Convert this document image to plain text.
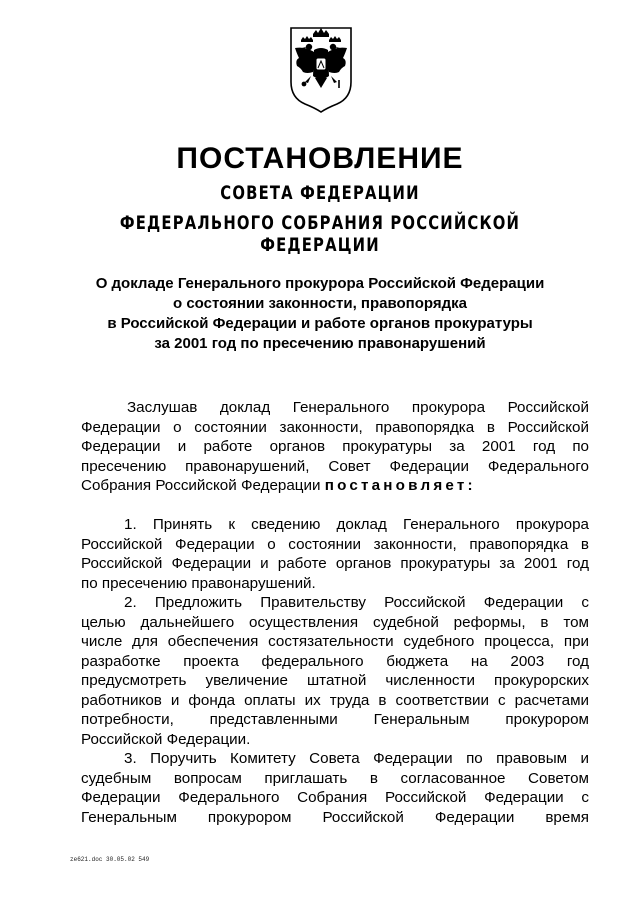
ПОСТАНОВЛЕНИЕ
СОВЕТА ФЕДЕРАЦИИ
ФЕДЕРАЛЬНОГО СОБРАНИЯ РОССИЙСКОЙ ФЕДЕРАЦИИ
О докладе Генерального прокурора Российской Федерации
о состоянии законности, правопорядка
в Российской Федерации и работе органов прокуратуры
за 2001 год по пресечению правонарушений
Заслушав доклад Генерального прокурора Российской
Федерации о состоянии законности, правопорядка в Российской
Федерации и работе органов прокуратуры за 2001 год по
пресечению правонарушений, Совет Федерации Федерального
Собрания Российской Федерации постановляет:
1. Принять к сведению доклад Генерального прокурора
Российской Федерации о состоянии законности, правопорядка в
Российской Федерации и работе органов прокуратуры за 2001 год
по пресечению правонарушений.
2. Предложить Правительству Российской Федерации с
целью дальнейшего осуществления судебной реформы, в том
числе для обеспечения состязательности судебного процесса, при
разработке проекта федерального бюджета на 2003 год
предусмотреть увеличение штатной численности прокурорских
работников и фонда оплаты их труда в соответствии с расчетами
потребности, представленными Генеральным прокурором
Российской Федерации.
3. Поручить Комитету Совета Федерации по правовым и
судебным вопросам приглашать в согласованное Советом
Федерации Федерального Собрания Российской Федерации с
Генеральным прокурором Российской Федерации время
ze621.doc 30.05.02 549
